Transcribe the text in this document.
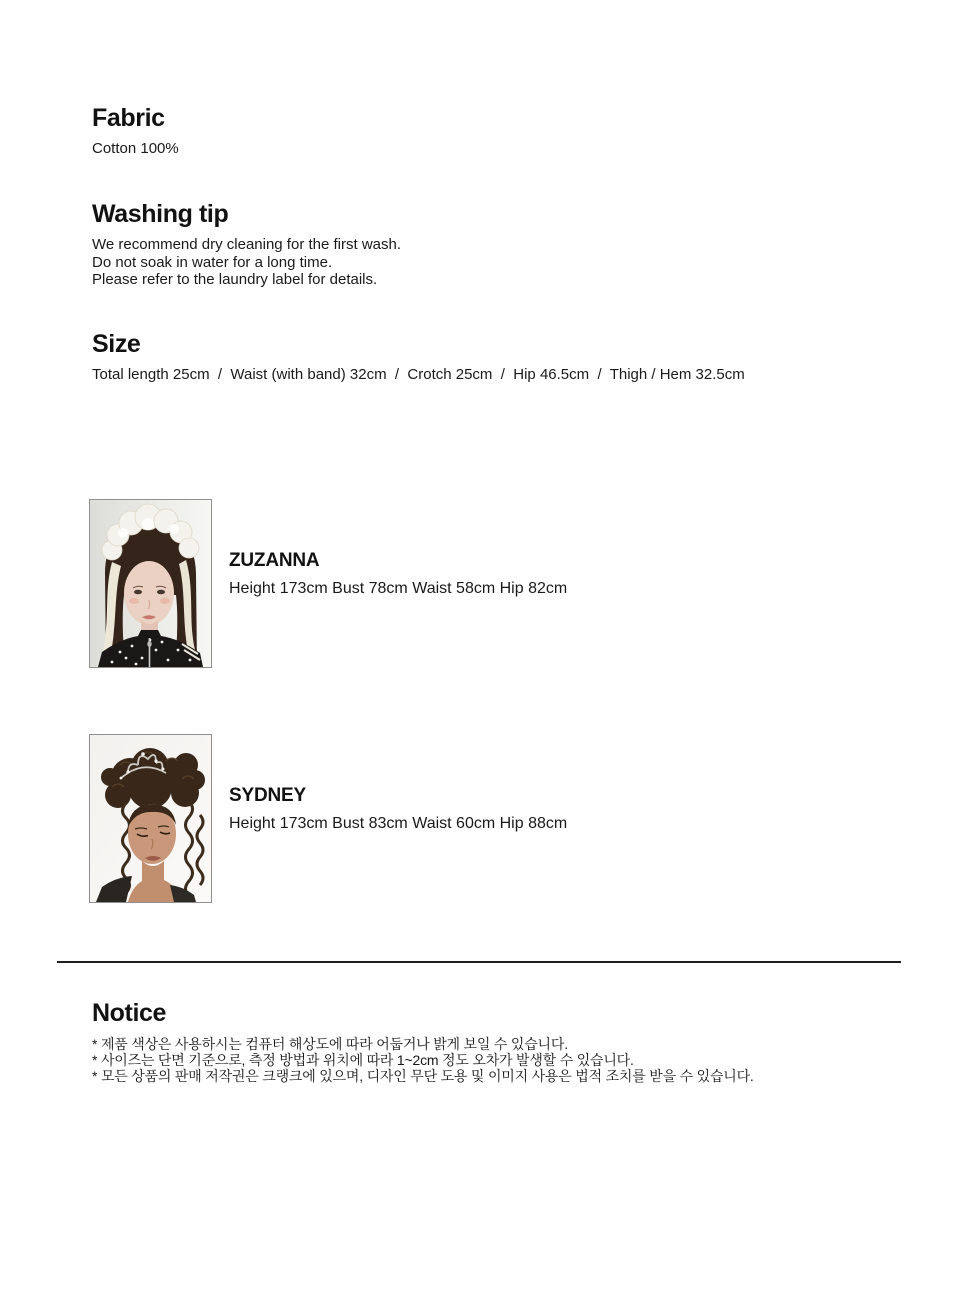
Fabric
Cotton 100%
Washing tip
We recommend dry cleaning for the first wash.
Do not soak in water for a long time.
Please refer to the laundry label for details.
Size
Total length 25cm  /  Waist (with band) 32cm  /  Crotch 25cm  /  Hip 46.5cm  /  Thigh / Hem 32.5cm
ZUZANNA
Height 173cm Bust 78cm Waist 58cm Hip 82cm
SYDNEY
Height 173cm Bust 83cm Waist 60cm Hip 88cm
Notice
* 제품 색상은 사용하시는 컴퓨터 해상도에 따라 어둡거나 밝게 보일 수 있습니다.
* 사이즈는 단면 기준으로, 측정 방법과 위치에 따라 1~2cm 정도 오차가 발생할 수 있습니다.
* 모든 상품의 판매 저작권은 크랭크에 있으며, 디자인 무단 도용 및 이미지 사용은 법적 조치를 받을 수 있습니다.
